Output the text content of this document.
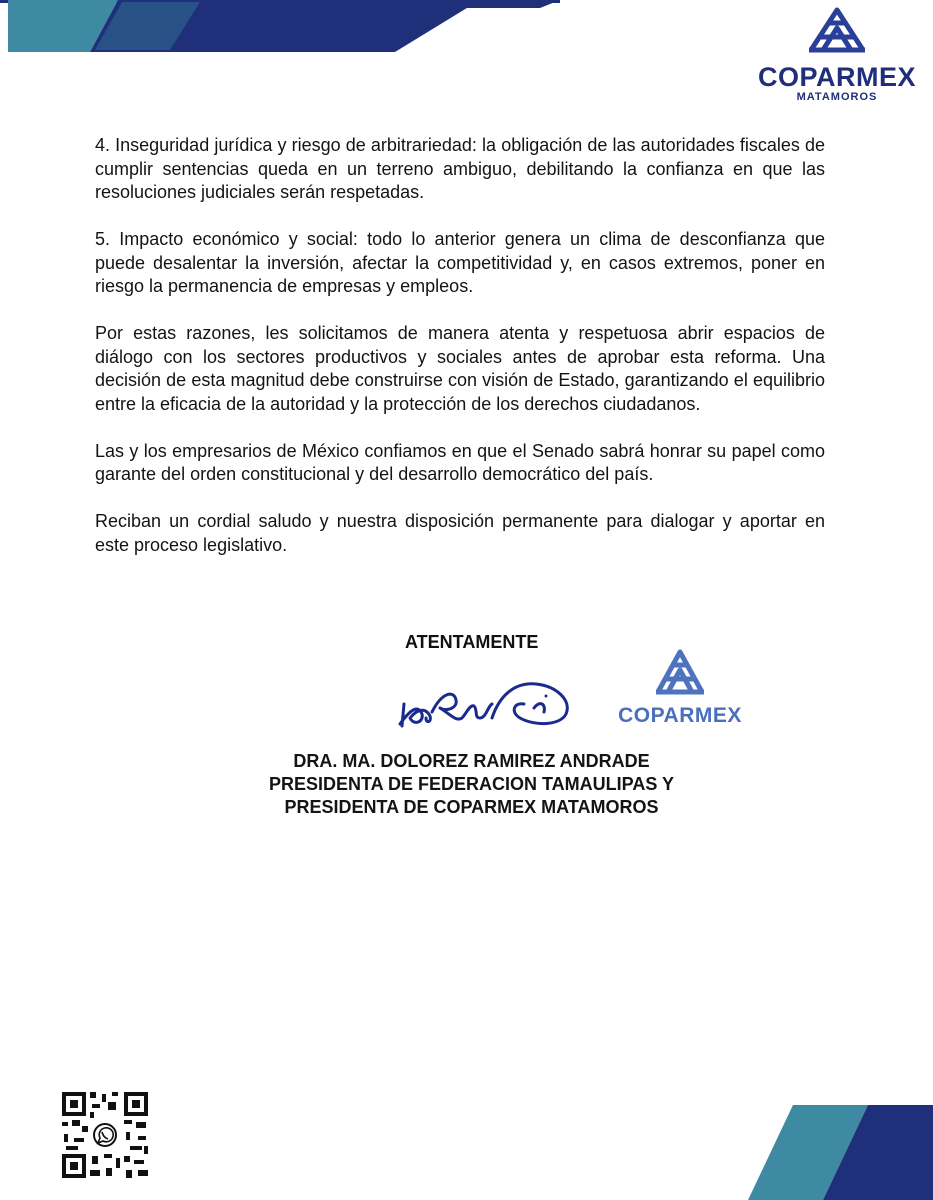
COPARMEX
MATAMOROS

4. Inseguridad jurídica y riesgo de arbitrariedad: la obligación de las autoridades fiscales de cumplir sentencias queda en un terreno ambiguo, debilitando la confianza en que las resoluciones judiciales serán respetadas.

5. Impacto económico y social: todo lo anterior genera un clima de desconfianza que puede desalentar la inversión, afectar la competitividad y, en casos extremos, poner en riesgo la permanencia de empresas y empleos.

Por estas razones, les solicitamos de manera atenta y respetuosa abrir espacios de diálogo con los sectores productivos y sociales antes de aprobar esta reforma. Una decisión de esta magnitud debe construirse con visión de Estado, garantizando el equilibrio entre la eficacia de la autoridad y la protección de los derechos ciudadanos.

Las y los empresarios de México confiamos en que el Senado sabrá honrar su papel como garante del orden constitucional y del desarrollo democrático del país.

Reciban un cordial saludo y nuestra disposición permanente para dialogar y aportar en este proceso legislativo.

ATENTAMENTE
COPARMEX
DRA. MA. DOLOREZ RAMIREZ ANDRADE
PRESIDENTA DE FEDERACION TAMAULIPAS Y
PRESIDENTA DE COPARMEX MATAMOROS
